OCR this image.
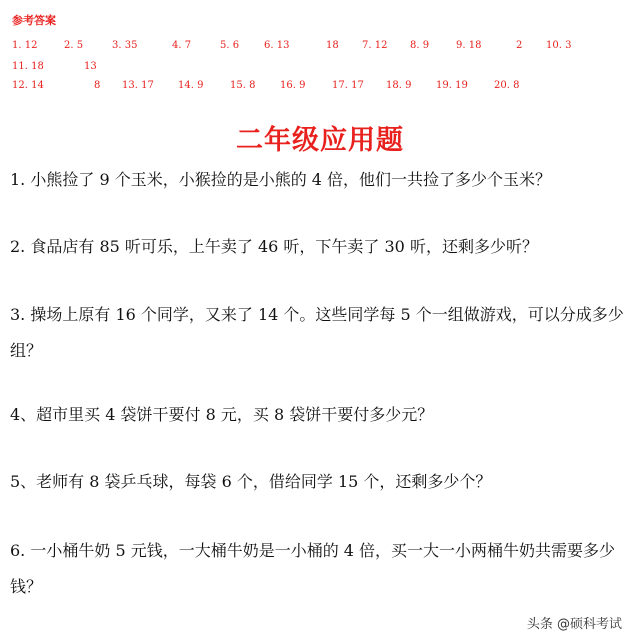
参考答案
1. 12	2. 5	3. 35	4. 7	5. 6 6. 13	18 7. 12 8. 9	9. 18	2 10. 3
11. 18	13
12. 14	8 13. 17 14. 9	15. 8 16. 9	17. 17 18. 9 19. 19	20. 8
二年级应用题

1. 小熊捡了 9 个玉米，小猴捡的是小熊的 4 倍，他们一共捡了多少个玉米？

2. 食品店有 85 听可乐，上午卖了 46 听，下午卖了 30 听，还剩多少听？

3. 操场上原有 16 个同学，又来了 14 个。这些同学每 5 个一组做游戏，可以分成多少组？

4、超市里买 4 袋饼干要付 8 元，买 8 袋饼干要付多少元？

5、老师有 8 袋乒乓球，每袋 6 个，借给同学 15 个，还剩多少个？

6. 一小桶牛奶 5 元钱，一大桶牛奶是一小桶的 4 倍，买一大一小两桶牛奶共需要多少钱？

头条 @硕科考试
